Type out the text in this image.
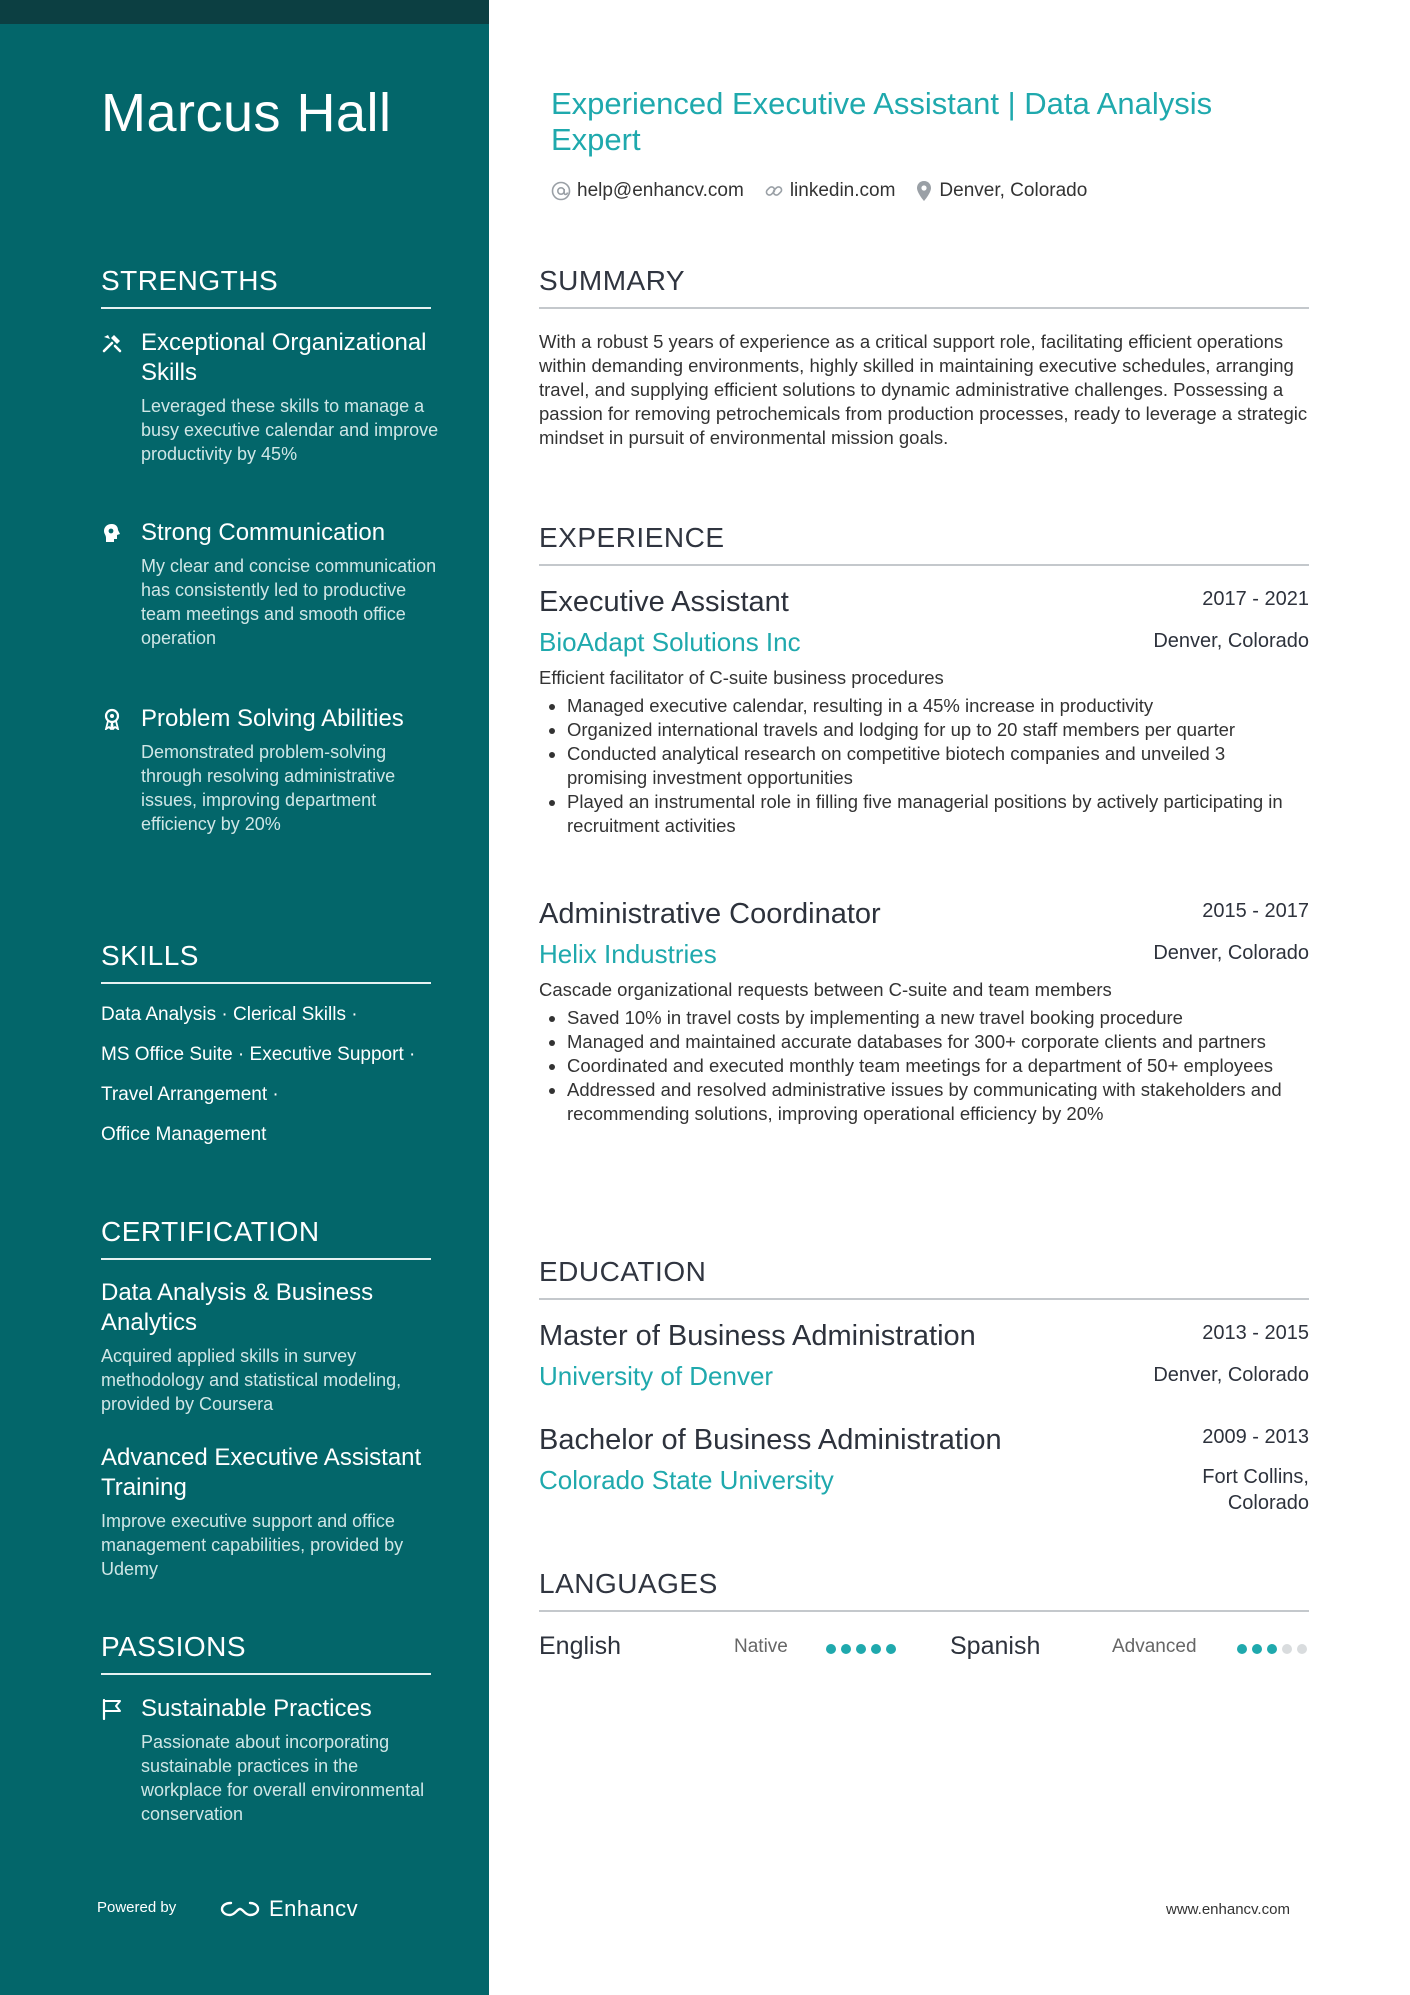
Marcus Hall
STRENGTHS
Exceptional Organizational Skills
Leveraged these skills to manage a busy executive calendar and improve productivity by 45%
Strong Communication
My clear and concise communication has consistently led to productive team meetings and smooth office operation
Problem Solving Abilities
Demonstrated problem-solving through resolving administrative issues, improving department efficiency by 20%
SKILLS
Data Analysis · Clerical Skills ·
MS Office Suite · Executive Support ·
Travel Arrangement ·
Office Management
CERTIFICATION
Data Analysis & Business Analytics
Acquired applied skills in survey methodology and statistical modeling, provided by Coursera
Advanced Executive Assistant Training
Improve executive support and office management capabilities, provided by Udemy
PASSIONS
Sustainable Practices
Passionate about incorporating sustainable practices in the workplace for overall environmental conservation
Powered by	Enhancv
Experienced Executive Assistant | Data Analysis Expert
help@enhancv.com linkedin.com Denver, Colorado
SUMMARY
With a robust 5 years of experience as a critical support role, facilitating efficient operations within demanding environments, highly skilled in maintaining executive schedules, arranging travel, and supplying efficient solutions to dynamic administrative challenges. Possessing a passion for removing petrochemicals from production processes, ready to leverage a strategic mindset in pursuit of environmental mission goals.
EXPERIENCE
Executive Assistant	2017 - 2021
BioAdapt Solutions Inc	Denver, Colorado
Efficient facilitator of C-suite business procedures
• Managed executive calendar, resulting in a 45% increase in productivity
• Organized international travels and lodging for up to 20 staff members per quarter
• Conducted analytical research on competitive biotech companies and unveiled 3 promising investment opportunities
• Played an instrumental role in filling five managerial positions by actively participating in recruitment activities
Administrative Coordinator	2015 - 2017
Helix Industries	Denver, Colorado
Cascade organizational requests between C-suite and team members
• Saved 10% in travel costs by implementing a new travel booking procedure
• Managed and maintained accurate databases for 300+ corporate clients and partners
• Coordinated and executed monthly team meetings for a department of 50+ employees
• Addressed and resolved administrative issues by communicating with stakeholders and recommending solutions, improving operational efficiency by 20%
EDUCATION
Master of Business Administration	2013 - 2015
University of Denver	Denver, Colorado
Bachelor of Business Administration	2009 - 2013
Colorado State University	Fort Collins, Colorado
LANGUAGES
English	Native	Spanish	Advanced
www.enhancv.com
